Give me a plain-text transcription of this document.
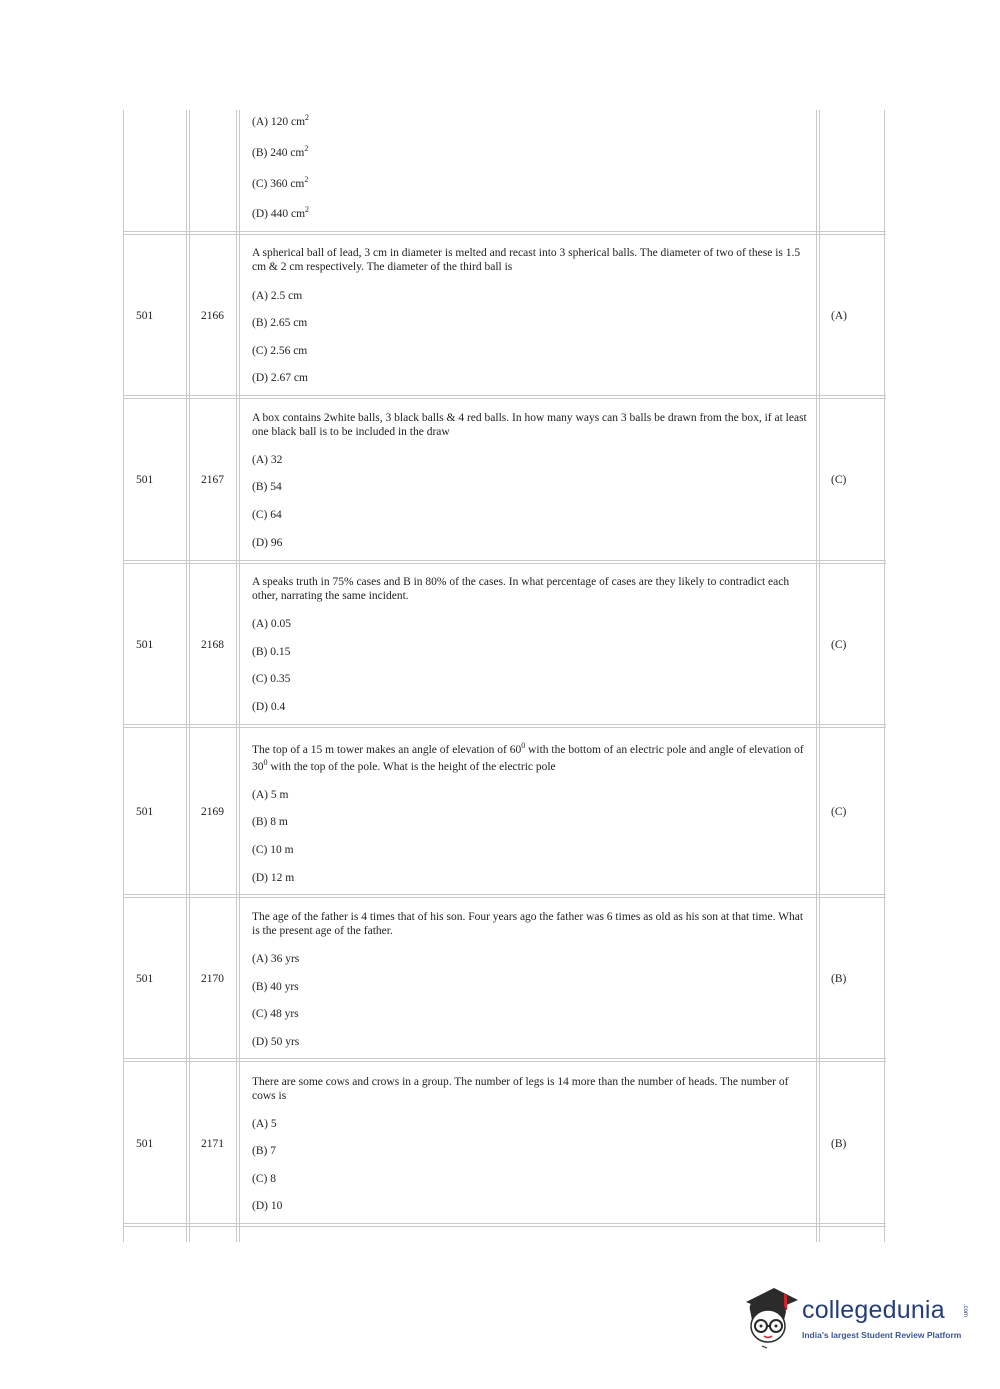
(A) 120 $cm^2$
(B) 240 $cm^2$
(C) 360 $cm^2$
(D) 440 $cm^2$
501	2166
A spherical ball of lead, 3 cm in diameter is melted and recast into 3 spherical balls. The diameter of two of these is 1.5 cm & 2 cm respectively. The diameter of the third ball is
(A) 2.5 cm
(B) 2.65 cm
(C) 2.56 cm
(D) 2.67 cm
(A)
501	2167
A box contains 2white balls, 3 black balls & 4 red balls. In how many ways can 3 balls be drawn from the box, if at least one black ball is to be included in the draw
(A) 32
(B) 54
(C) 64
(D) 96
(C)
501	2168
A speaks truth in 75% cases and B in 80% of the cases. In what percentage of cases are they likely to contradict each other, narrating the same incident.
(A) 0.05
(B) 0.15
(C) 0.35
(D) 0.4
(C)
501	2169
The top of a 15 m tower makes an angle of elevation of $60^0$ with the bottom of an electric pole and angle of elevation of $30^0$ with the top of the pole. What is the height of the electric pole
(A) 5 m
(B) 8 m
(C) 10 m
(D) 12 m
(C)
501	2170
The age of the father is 4 times that of his son. Four years ago the father was 6 times as old as his son at that time. What is the present age of the father.
(A) 36 yrs
(B) 40 yrs
(C) 48 yrs
(D) 50 yrs
(B)
501	2171
There are some cows and crows in a group. The number of legs is 14 more than the number of heads. The number of cows is
(A) 5
(B) 7
(C) 8
(D) 10
(B)
collegedunia	.com
India's largest Student Review Platform
